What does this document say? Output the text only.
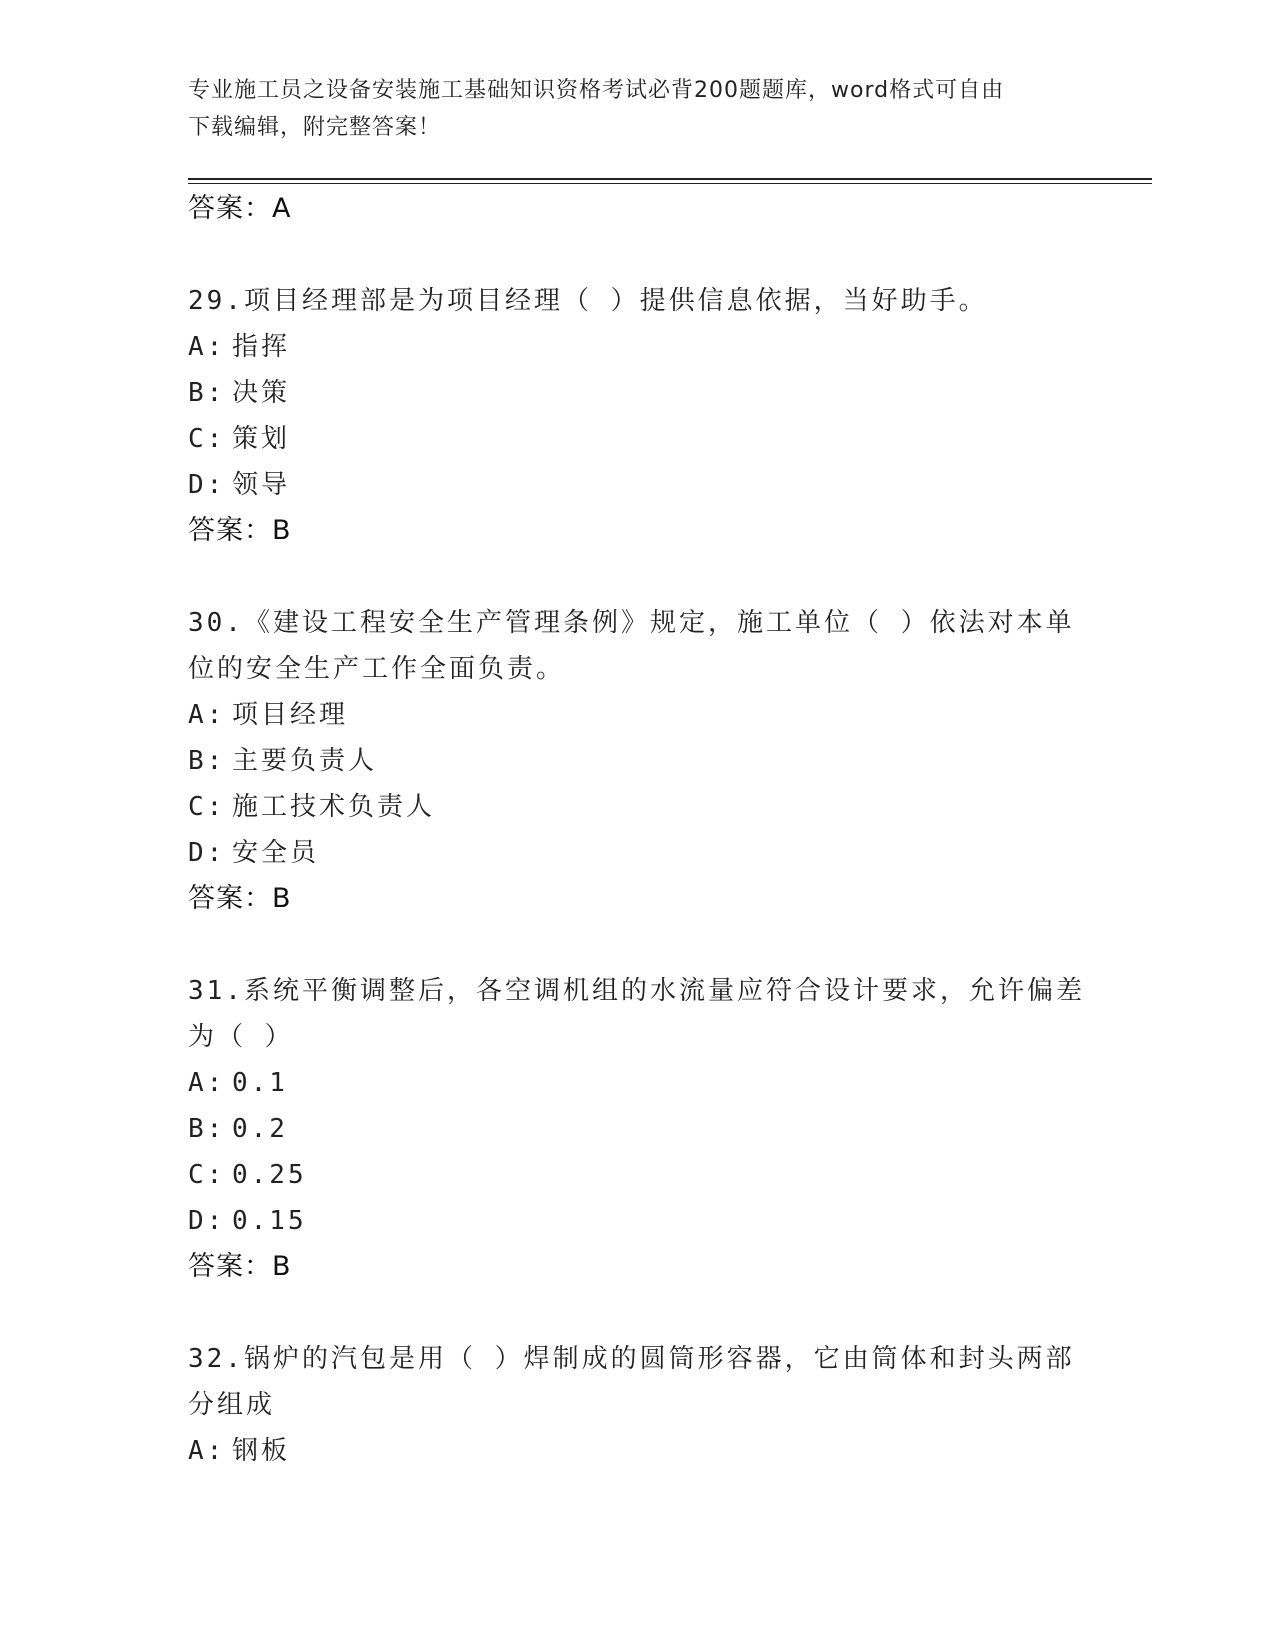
专业施工员之设备安装施工基础知识资格考试必背200题题库，word格式可自由
下载编辑，附完整答案！
答案：A
29.项目经理部是为项目经理（ ）提供信息依据，当好助手。
A: 指挥
B: 决策
C: 策划
D: 领导
答案：B
30.《建设工程安全生产管理条例》规定，施工单位（ ）依法对本单
位的安全生产工作全面负责。
A: 项目经理
B: 主要负责人
C: 施工技术负责人
D: 安全员
答案：B
31.系统平衡调整后，各空调机组的水流量应符合设计要求，允许偏差
为（ ）
A: 0.1
B: 0.2
C: 0.25
D: 0.15
答案：B
32.锅炉的汽包是用（ ）焊制成的圆筒形容器，它由筒体和封头两部
分组成
A: 钢板
